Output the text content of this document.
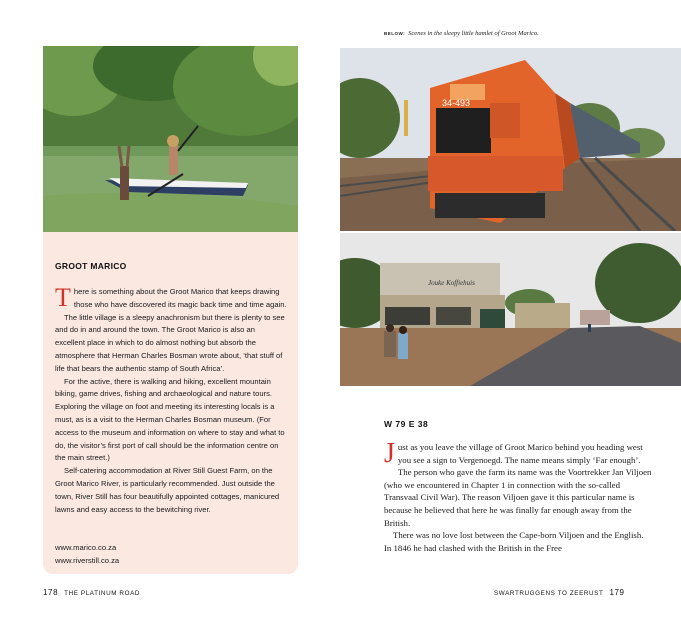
BELOW: Scenes in the sleepy little hamlet of Groot Marico.
34-493
Jouke Koffiehuis
GROOT MARICO

There is something about the Groot Marico that keeps drawing those who have discovered its magic back time and time again.

The little village is a sleepy anachronism but there is plenty to see and do in and around the town. The Groot Marico is also an excellent place in which to do almost nothing but absorb the atmosphere that Herman Charles Bosman wrote about, ‘that stuff of life that bears the authentic stamp of South Africa’.

For the active, there is walking and hiking, excellent mountain biking, game drives, fishing and archaeological and nature tours. Exploring the village on foot and meeting its interesting locals is a must, as is a visit to the Herman Charles Bosman museum. (For access to the museum and information on where to stay and what to do, the visitor’s first port of call should be the information centre on the main street.)

Self-catering accommodation at River Still Guest Farm, on the Groot Marico River, is particularly recommended. Just outside the town, River Still has four beautifully appointed cottages, manicured lawns and easy access to the bewitching river.

www.marico.co.za
www.riverstill.co.za
W 79 E 38

Just as you leave the village of Groot Marico behind you heading west you see a sign to Vergenoegd. The name means simply ‘Far enough’. The person who gave the farm its name was the Voortrekker Jan Viljoen (who we encountered in Chapter 1 in connection with the so-called Transvaal Civil War). The reason Viljoen gave it this particular name is because he believed that here he was finally far enough away from the British.

There was no love lost between the Cape-born Viljoen and the English. In 1846 he had clashed with the British in the Free

178 THE PLATINUM ROAD	SWARTRUGGENS TO ZEERUST 179
